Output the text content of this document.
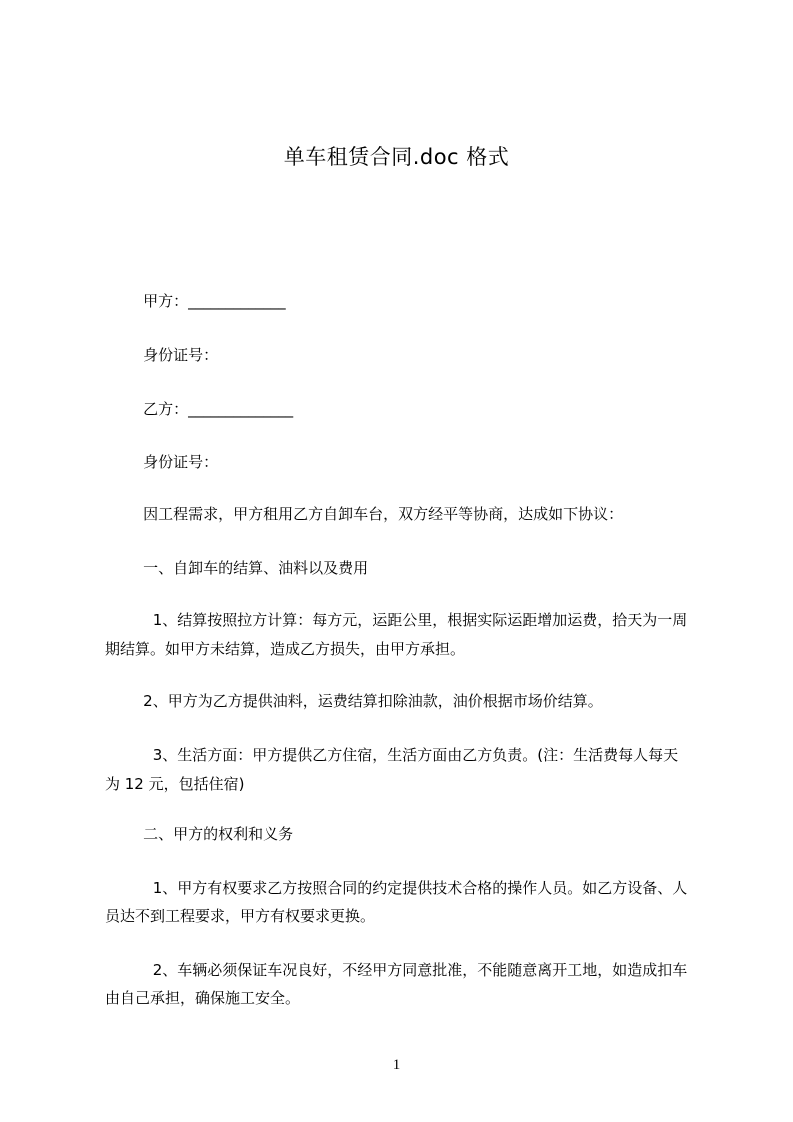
单车租赁合同.doc 格式
甲方：_____________
身份证号：
乙方：______________
身份证号：
因工程需求，甲方租用乙方自卸车台，双方经平等协商，达成如下协议：
一、自卸车的结算、油料以及费用
1、结算按照拉方计算：每方元，运距公里，根据实际运距增加运费，拾天为一周
期结算。如甲方未结算，造成乙方损失，由甲方承担。
2、甲方为乙方提供油料，运费结算扣除油款，油价根据市场价结算。
3、生活方面：甲方提供乙方住宿，生活方面由乙方负责。(注：生活费每人每天
为 12 元，包括住宿)
二、甲方的权利和义务
1、甲方有权要求乙方按照合同的约定提供技术合格的操作人员。如乙方设备、人
员达不到工程要求，甲方有权要求更换。
2、车辆必须保证车况良好，不经甲方同意批准，不能随意离开工地，如造成扣车
由自己承担，确保施工安全。
1
